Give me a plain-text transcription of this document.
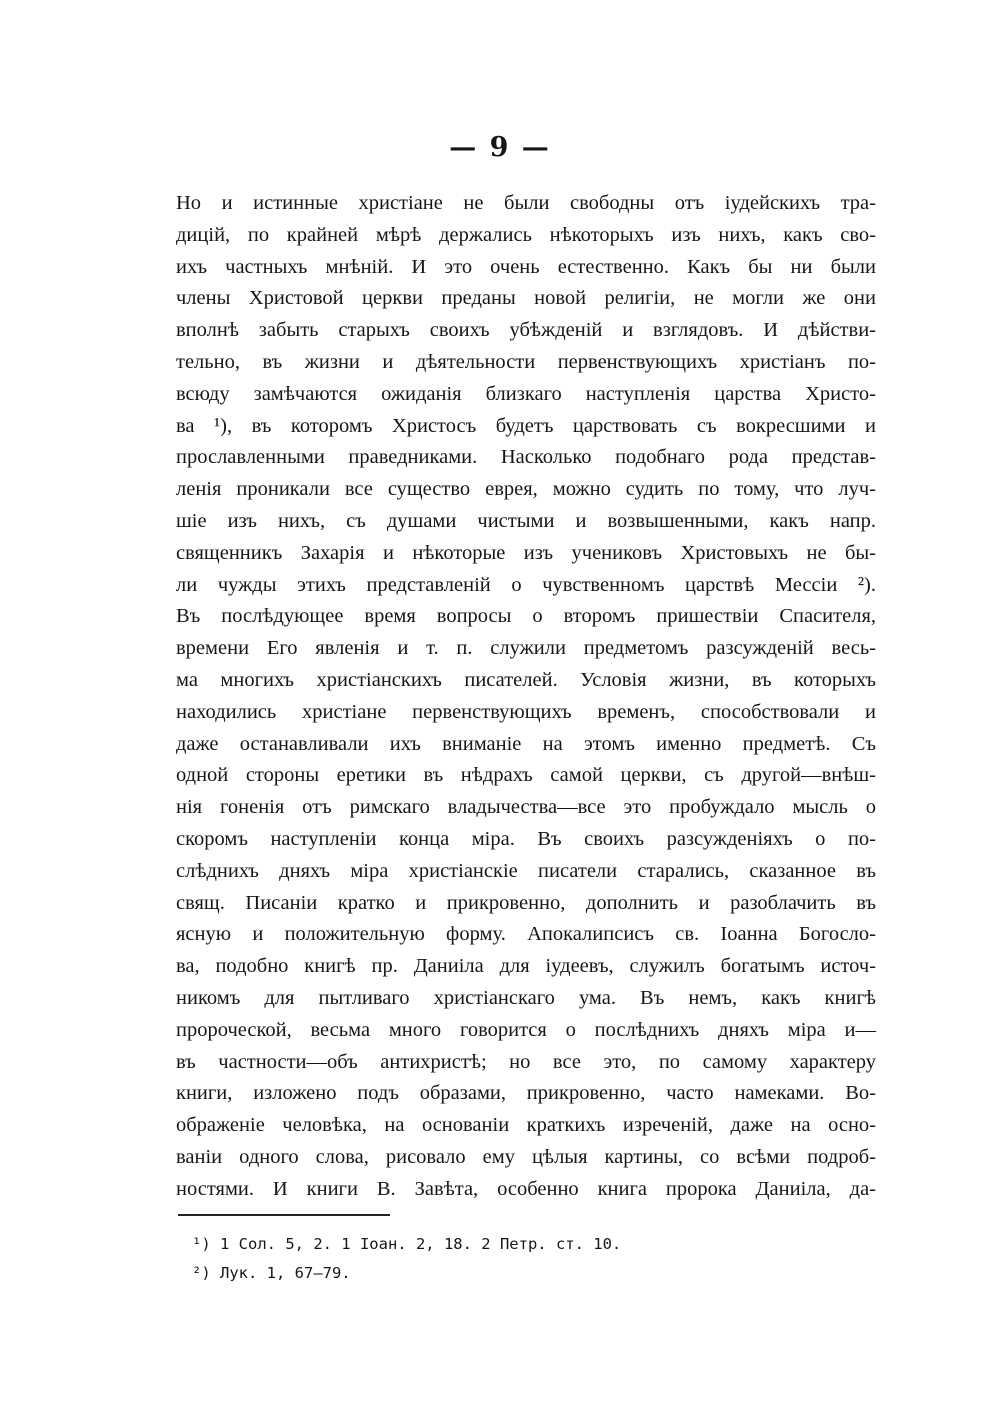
— 9 —
Но и истинные христiане не были свободны отъ iудейскихъ тра-
дицiй, по крайней мѣрѣ держались нѣкоторыхъ изъ нихъ, какъ сво-
ихъ частныхъ мнѣнiй. И это очень естественно. Какъ бы ни были
члены Христовой церкви преданы новой религiи, не могли же они
вполнѣ забыть старыхъ своихъ убѣжденiй и взглядовъ. И дѣйстви-
тельно, въ жизни и дѣятельности первенствующихъ христiанъ по-
всюду замѣчаются ожиданiя близкаго наступленiя царства Христо-
ва ¹), въ которомъ Христосъ будетъ царствовать съ вокресшими и
прославленными праведниками. Насколько подобнаго рода представ-
ленiя проникали все существо еврея, можно судить по тому, что луч-
шiе изъ нихъ, съ душами чистыми и возвышенными, какъ напр.
священникъ Захарiя и нѣкоторые изъ учениковъ Христовыхъ не бы-
ли чужды этихъ представленiй о чувственномъ царствѣ Мессiи ²).
Въ послѣдующее время вопросы о второмъ пришествiи Спасителя,
времени Его явленiя и т. п. служили предметомъ разсужденiй весь-
ма многихъ христiанскихъ писателей. Условiя жизни, въ которыхъ
находились христiане первенствующихъ временъ, способствовали и
даже останавливали ихъ вниманiе на этомъ именно предметѣ. Съ
одной стороны еретики въ нѣдрахъ самой церкви, съ другой—внѣш-
нiя гоненiя отъ римскаго владычества—все это пробуждало мысль о
скоромъ наступленiи конца мiра. Въ своихъ разсужденiяхъ о по-
слѣднихъ дняхъ мiра христiанскiе писатели старались, сказанное въ
свящ. Писанiи кратко и прикровенно, дополнить и разоблачить въ
ясную и положительную форму. Апокалипсисъ св. Iоанна Богосло-
ва, подобно книгѣ пр. Даниiла для iудеевъ, служилъ богатымъ источ-
никомъ для пытливаго христiанскаго ума. Въ немъ, какъ книгѣ
пророческой, весьма много говорится о послѣднихъ дняхъ мiра и—
въ частности—объ антихристѣ; но все это, по самому характеру
книги, изложено подъ образами, прикровенно, часто намеками. Во-
ображенiе человѣка, на основанiи краткихъ изреченiй, даже на осно-
ванiи одного слова, рисовало ему цѣлыя картины, со всѣми подроб-
ностями. И книги В. Завѣта, особенно книга пророка Даниiла, да-
¹) 1 Сол. 5, 2. 1 Iоан. 2, 18. 2 Петр. ст. 10.
²) Лук. 1, 67—79.
